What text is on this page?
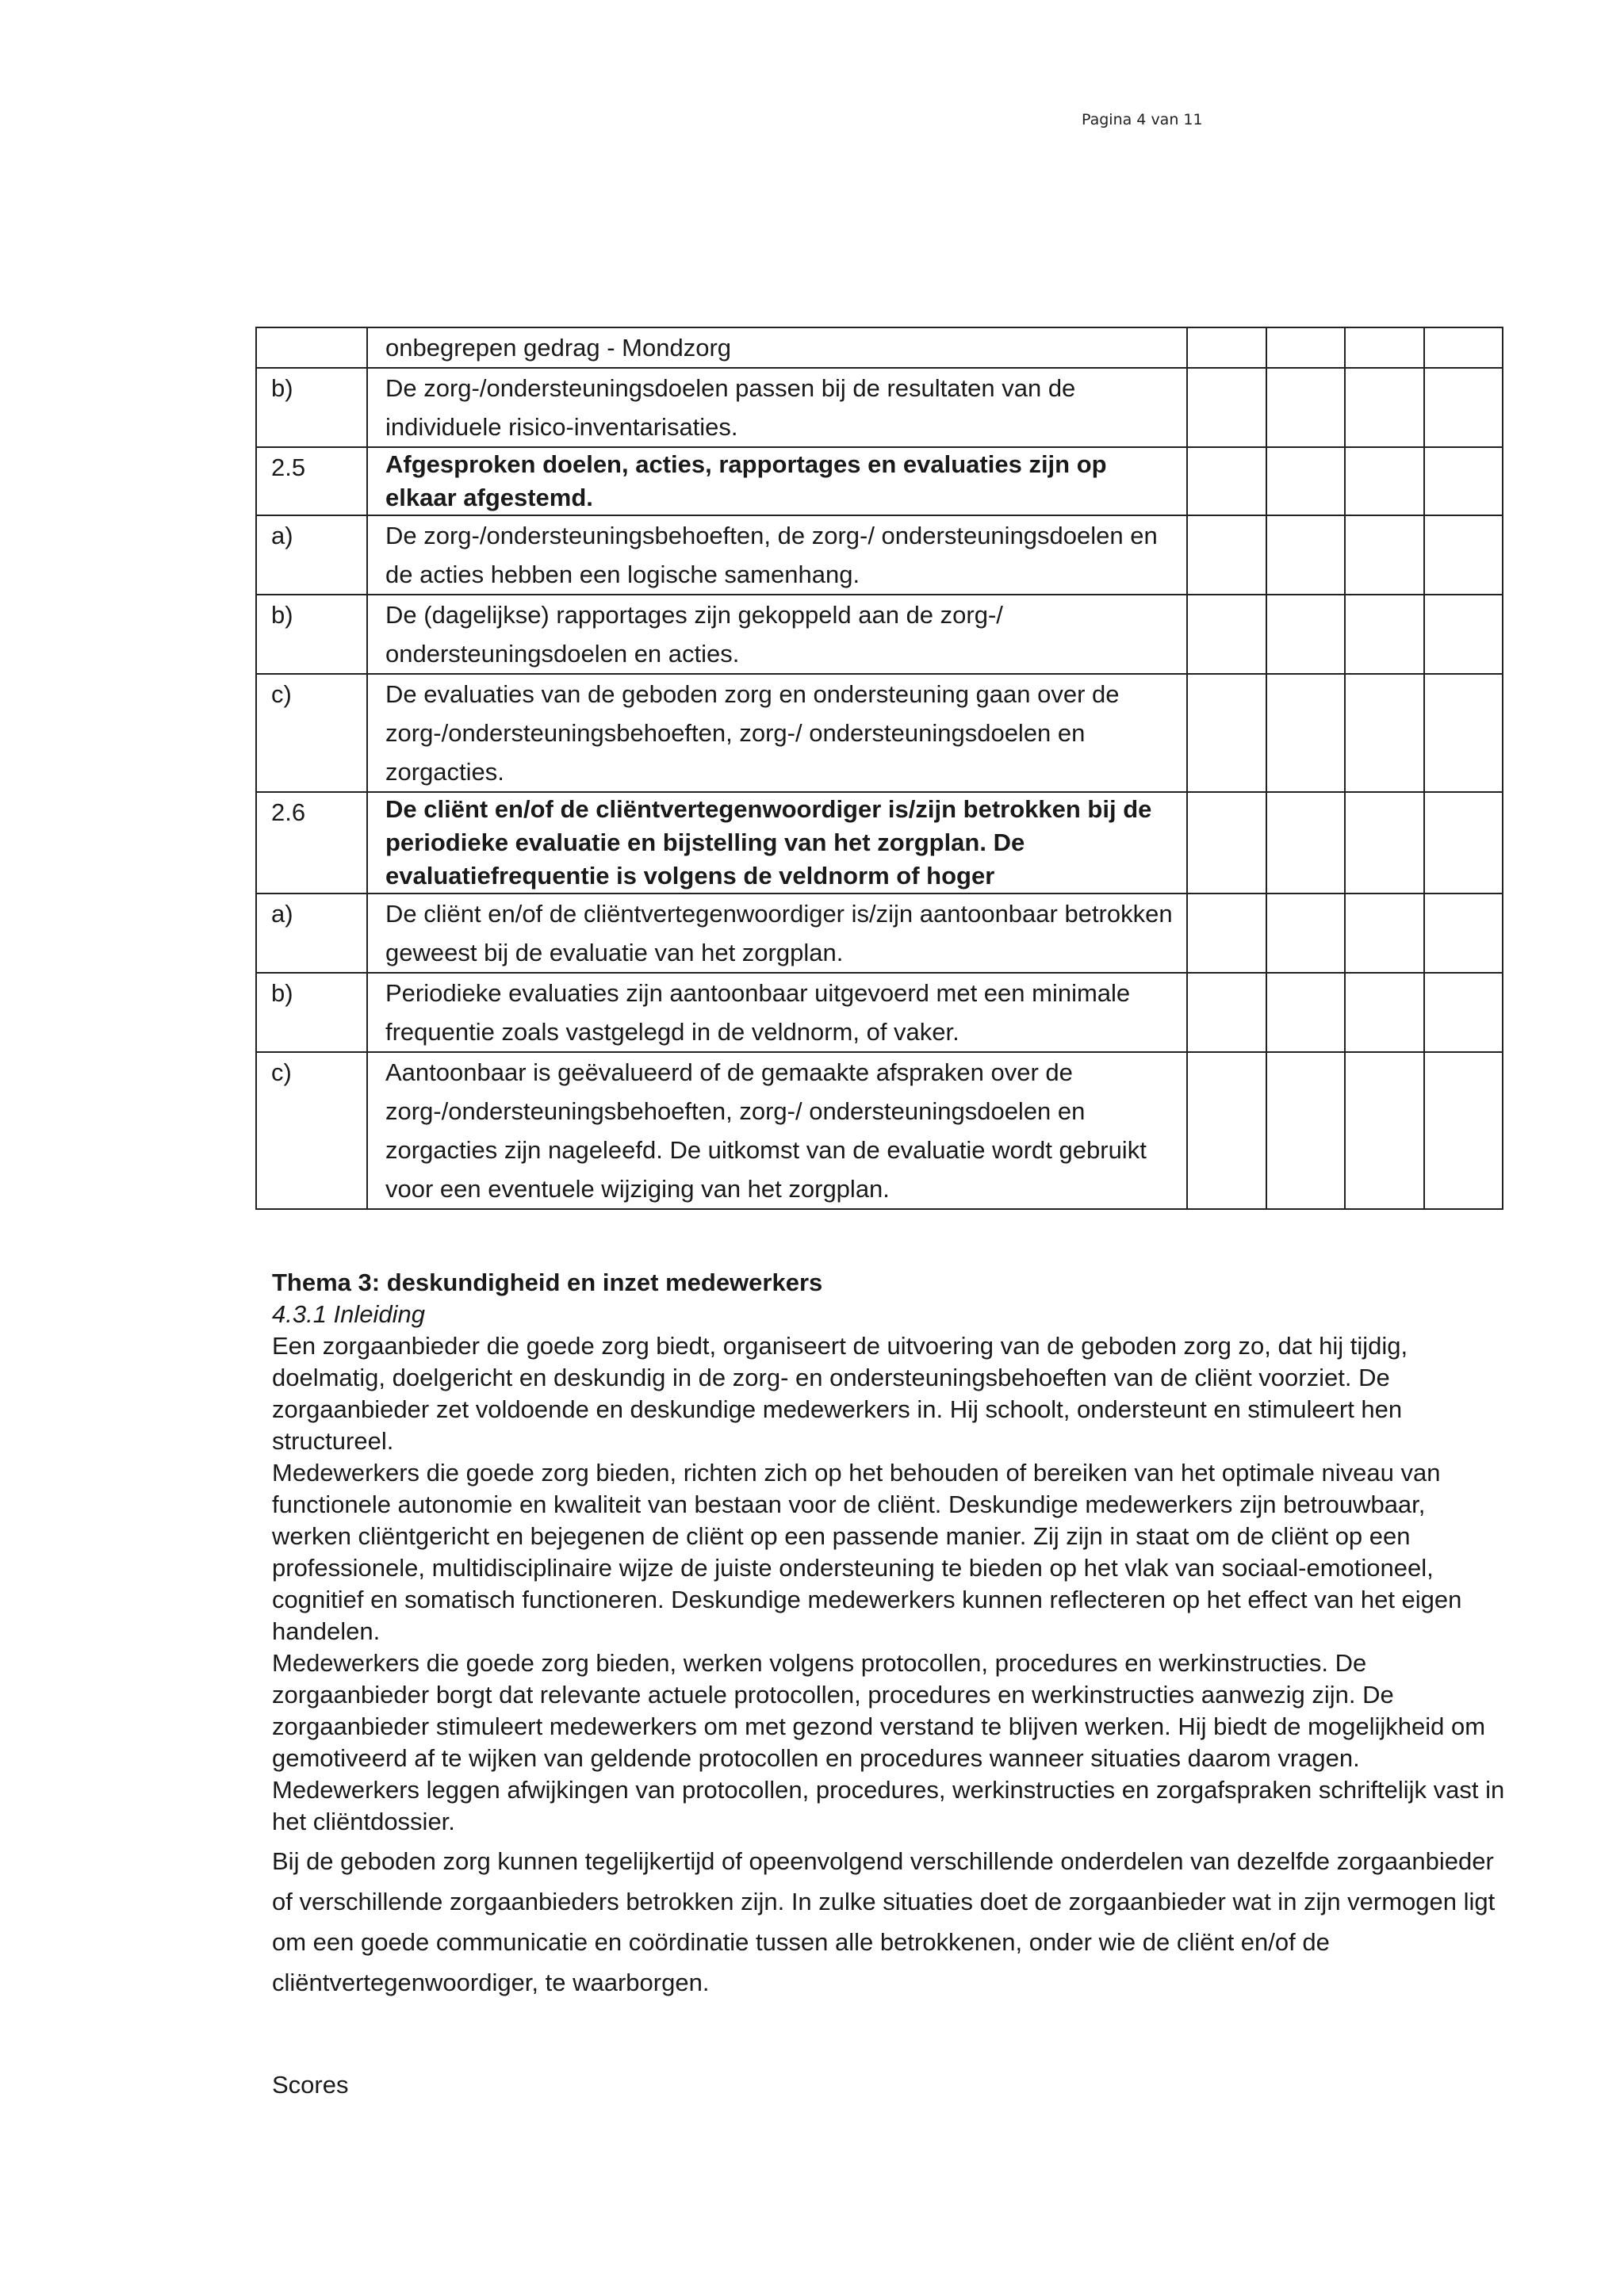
Pagina 4 van 11
	onbegrepen gedrag - Mondzorg				
b)	De zorg-/ondersteuningsdoelen passen bij de resultaten van de individuele risico-inventarisaties.				
2.5	Afgesproken doelen, acties, rapportages en evaluaties zijn op elkaar afgestemd.				
a)	De zorg-/ondersteuningsbehoeften, de zorg-/ ondersteuningsdoelen en de acties hebben een logische samenhang.				
b)	De (dagelijkse) rapportages zijn gekoppeld aan de zorg-/ ondersteuningsdoelen en acties.				
c)	De evaluaties van de geboden zorg en ondersteuning gaan over de zorg-/ondersteuningsbehoeften, zorg-/ ondersteuningsdoelen en zorgacties.				
2.6	De cliënt en/of de cliëntvertegenwoordiger is/zijn betrokken bij de periodieke evaluatie en bijstelling van het zorgplan. De evaluatiefrequentie is volgens de veldnorm of hoger				
a)	De cliënt en/of de cliëntvertegenwoordiger is/zijn aantoonbaar betrokken geweest bij de evaluatie van het zorgplan.				
b)	Periodieke evaluaties zijn aantoonbaar uitgevoerd met een minimale frequentie zoals vastgelegd in de veldnorm, of vaker.				
c)	Aantoonbaar is geëvalueerd of de gemaakte afspraken over de zorg-/ondersteuningsbehoeften, zorg-/ ondersteuningsdoelen en zorgacties zijn nageleefd. De uitkomst van de evaluatie wordt gebruikt voor een eventuele wijziging van het zorgplan.				
Thema 3: deskundigheid en inzet medewerkers
4.3.1 Inleiding

Een zorgaanbieder die goede zorg biedt, organiseert de uitvoering van de geboden zorg zo, dat hij tijdig, doelmatig, doelgericht en deskundig in de zorg- en ondersteuningsbehoeften van de cliënt voorziet. De zorgaanbieder zet voldoende en deskundige medewerkers in. Hij schoolt, ondersteunt en stimuleert hen structureel.

Medewerkers die goede zorg bieden, richten zich op het behouden of bereiken van het optimale niveau van functionele autonomie en kwaliteit van bestaan voor de cliënt. Deskundige medewerkers zijn betrouwbaar, werken cliëntgericht en bejegenen de cliënt op een passende manier. Zij zijn in staat om de cliënt op een professionele, multidisciplinaire wijze de juiste ondersteuning te bieden op het vlak van sociaal-emotioneel, cognitief en somatisch functioneren. Deskundige medewerkers kunnen reflecteren op het effect van het eigen handelen.

Medewerkers die goede zorg bieden, werken volgens protocollen, procedures en werkinstructies. De zorgaanbieder borgt dat relevante actuele protocollen, procedures en werkinstructies aanwezig zijn. De zorgaanbieder stimuleert medewerkers om met gezond verstand te blijven werken. Hij biedt de mogelijkheid om gemotiveerd af te wijken van geldende protocollen en procedures wanneer situaties daarom vragen. Medewerkers leggen afwijkingen van protocollen, procedures, werkinstructies en zorgafspraken schriftelijk vast in het cliëntdossier.

Bij de geboden zorg kunnen tegelijkertijd of opeenvolgend verschillende onderdelen van dezelfde zorgaanbieder of verschillende zorgaanbieders betrokken zijn. In zulke situaties doet de zorgaanbieder wat in zijn vermogen ligt om een goede communicatie en coördinatie tussen alle betrokkenen, onder wie de cliënt en/of de cliëntvertegenwoordiger, te waarborgen.

Scores
